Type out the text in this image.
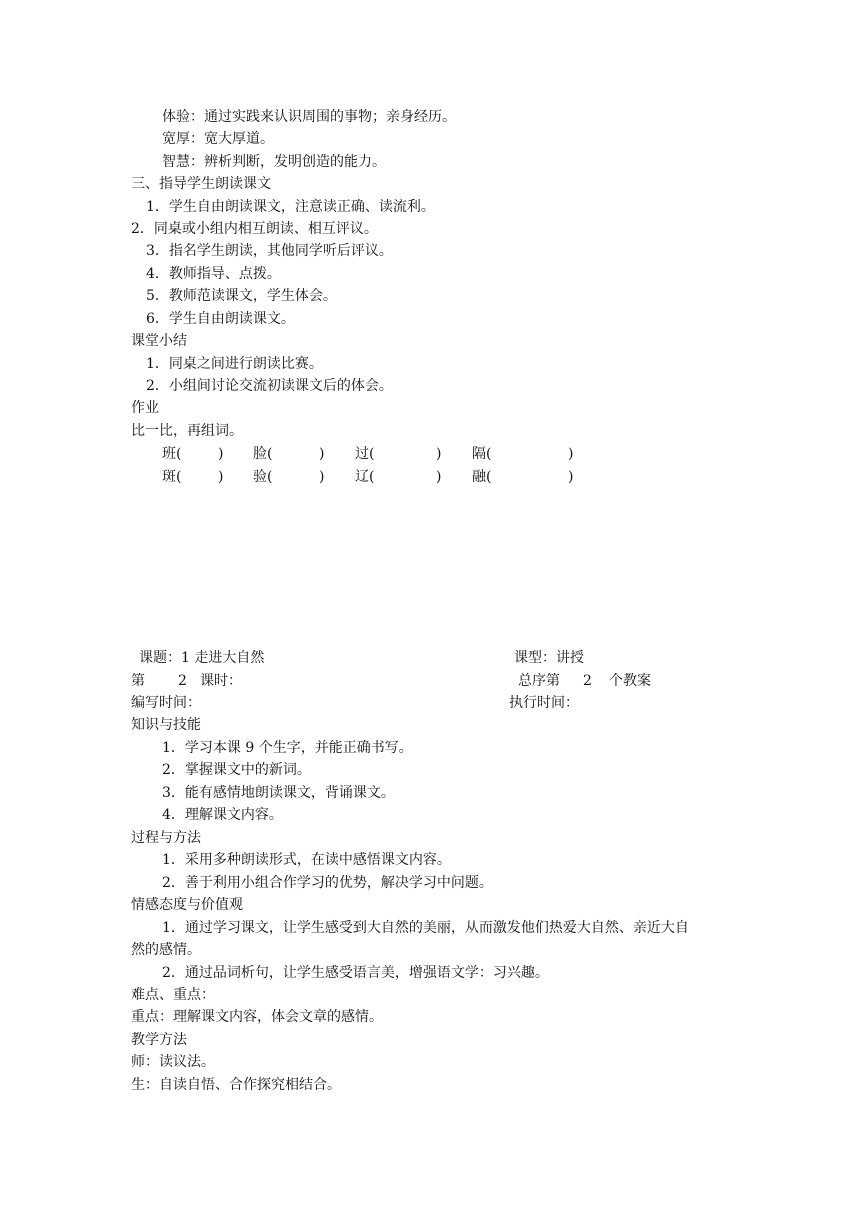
体验：通过实践来认识周围的事物；亲身经历。
宽厚：宽大厚道。
智慧：辨析判断，发明创造的能力。
三、指导学生朗读课文
1．学生自由朗读课文，注意读正确、读流利。
2．同桌或小组内相互朗读、相互评议。
3．指名学生朗读，其他同学听后评议。
4．教师指导、点拨。
5．教师范读课文，学生体会。
6．学生自由朗读课文。
课堂小结
1．同桌之间进行朗读比赛。
2．小组间讨论交流初读课文后的体会。
作业
比一比，再组词。
班(	) 脸(	) 过(	) 隔(	)
斑(	) 验(	) 辽(	) 融(	)
课题：1 走进大自然	课型：讲授
第 2 课时：	总序第 2 个教案
编写时间：	执行时间：
知识与技能
1．学习本课 9 个生字，并能正确书写。
2．掌握课文中的新词。
3．能有感情地朗读课文，背诵课文。
4．理解课文内容。
过程与方法
1．采用多种朗读形式，在读中感悟课文内容。
2．善于利用小组合作学习的优势，解决学习中问题。
情感态度与价值观
1．通过学习课文，让学生感受到大自然的美丽，从而激发他们热爱大自然、亲近大自
然的感情。
2．通过品词析句，让学生感受语言美，增强语文学：习兴趣。
难点、重点：
重点：理解课文内容，体会文章的感情。
教学方法
师：读议法。
生：自读自悟、合作探究相结合。
